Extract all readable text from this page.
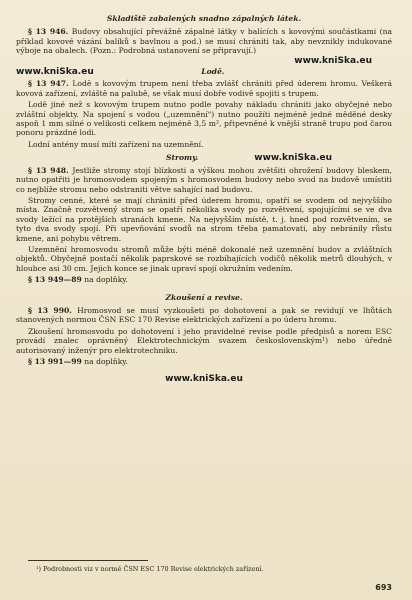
Skladiště zabalených snadno zápalných látek.

§ 13 946. Budovy obsahující převážně zápalné látky v balících s kovovými součástkami (na příklad kovové vázání balíků s bavlnou a pod.) se musí chrániti tak, aby nevznikly indukované výboje na obalech. (Pozn.: Podrobná ustanovení se připravují.)

www.kniSka.eu
www.kniSka.eu	Lodě.

§ 13 947. Lodě s kovovým trupem není třeba zvlášť chrániti před úderem hromu. Veškerá kovová zařízení, zvláště na palubě, se však musí dobře vodivě spojiti s trupem.

Lodě jiné než s kovovým trupem nutno podle povahy nákladu chrániti jako obyčejné nebo zvláštní objekty. Na spojení s vodou („uzemnění") nutno použíti nejméně jedné měděné desky aspoň 1 mm silné o velikosti celkem nejméně 3,5 m², připevněné k vnější straně trupu pod čarou ponoru prázdné lodi.

Lodní antény musí míti zařízení na uzemnění.

Stromy.	www.kniSka.eu

§ 13 948. Jestliže stromy stojí blízkosti a výškou mohou zvětšiti ohrožení budovy bleskem, nutno opatřiti je hromosvodem spojeným s hromosvodem budovy nebo svod na budově umístiti co nejblíže stromu nebo odstraniti větve sahající nad budovu.

Stromy cenné, které se mají chrániti před úderem hromu, opatří se svodem od nejvyššího místa. Značně rozvětvený strom se opatří několika svody po rozvětvení, spojujícími se ve dva svody ležící na protějších stranách kmene. Na nejvyšším místě, t. j. hned pod rozvětvením, se tyto dva svody spojí. Při upevňování svodů na strom třeba pamatovati, aby nebránily růstu kmene, ani pohybu větrem.

Uzemnění hromosvodu stromů může býti méně dokonalé než uzemnění budov a zvláštních objektů. Obyčejně postačí několik paprskové se rozbíhajících vodičů několik metrů dlouhých, v hloubce asi 30 cm. Jejich konce se jinak upraví spojí okružním vedením.

§ 13 949—89 na doplňky.

Zkoušení a revise.

§ 13 990. Hromosvod se musí vyzkoušeti po dohotovení a pak se revidují ve lhůtách stanovených normou ČSN ESC 170 Revise elektrických zařízení a po úderu hromu.

Zkoušení hromosvodu po dohotovení i jeho pravidelné revise podle předpisů a norem ESC provádí znalec oprávněný Elektrotechnickým svazem československým¹) nebo úředně autorisovaný inženýr pro elektrotechniku.

§ 13 991—99 na doplňky.

www.kniSka.eu
¹) Podrobnosti viz v normě ČSN ESC 170 Revise elektrických zařízení.
693
